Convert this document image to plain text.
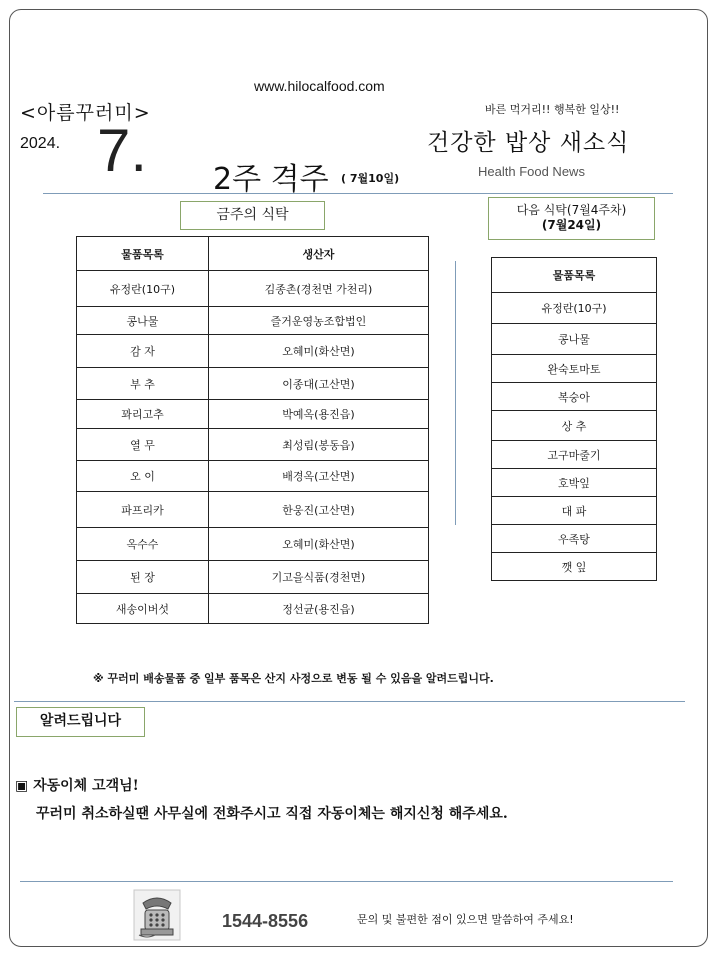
www.hilocalfood.com
<아름꾸러미>	바른 먹거리!! 행복한 일상!!
2024. 7.	건강한 밥상 새소식
2주 격주 ( 7월10일)	Health Food News
금주의 식탁	다음 식탁(7월4주차)
(7월24일)
물품목록	생산자
유정란(10구)	김종촌(경천면 가천리)
콩나물	즐거운영농조합법인
감 자	오혜미(화산면)
부 추	이종대(고산면)
꽈리고추	박예옥(용진읍)
열 무	최성림(봉동읍)
오 이	배경옥(고산면)
파프리카	한웅진(고산면)
옥수수	오혜미(화산면)
된 장	기고을식품(경천면)
새송이버섯	정선균(용진읍)
물품목록
유정란(10구)
콩나물
완숙토마토
복숭아
상 추
고구마줄기
호박잎
대 파
우족탕
깻 잎
※ 꾸러미 배송물품 중 일부 품목은 산지 사정으로 변동 될 수 있음을 알려드립니다.
알려드립니다
▣ 자동이체 고객님!
꾸러미 취소하실땐 사무실에 전화주시고 직접 자동이체는 해지신청 해주세요.
1544-8556	문의 및 불편한 점이 있으면 말씀하여 주세요!
